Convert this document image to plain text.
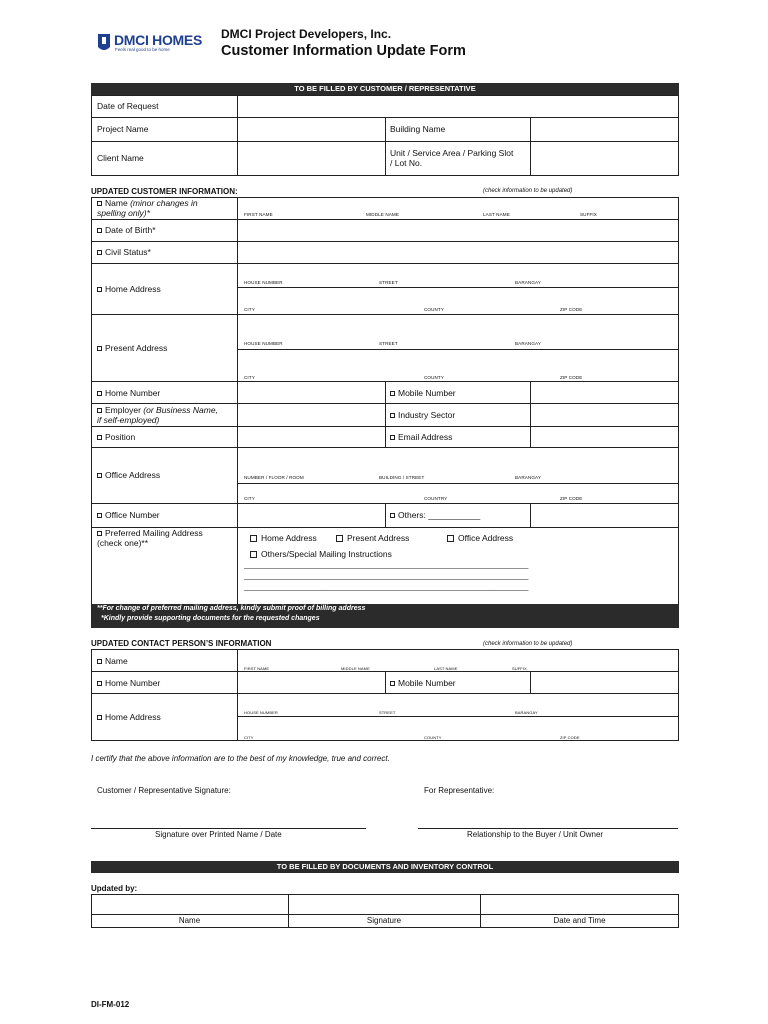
DMCI HOMES
Feels real good to be home
DMCI Project Developers, Inc.
Customer Information Update Form
TO BE FILLED BY CUSTOMER / REPRESENTATIVE
Date of Request
Project Name	Building Name
Client Name	Unit / Service Area / Parking Slot
/ Lot No.
UPDATED CUSTOMER INFORMATION:	(check information to be updated)
Name (minor changes in
spelling only)*	FIRST NAME	MIDDLE NAME	LAST NAME	SUFFIX
Date of Birth*
Civil Status*
Home Address
HOUSE NUMBER	STREET	BARANGAY
CITY	COUNTY	ZIP CODE
Present Address	HOUSE NUMBER	STREET	BARANGAY
CITY	COUNTY	ZIP CODE
Home Number	Mobile Number
Employer (or Business Name,
if self-employed)	Industry Sector
Position	Email Address
Office Address	NUMBER / FLOOR / ROOM	BUILDING / STREET	BARANGAY
CITY	COUNTRY	ZIP CODE
Office Number	Others: ___________
Preferred Mailing Address
(check one)**	Home Address	Present Address	Office Address
Others/Special Mailing Instructions
______________________________________________________________________________
______________________________________________________________________________
______________________________________________________________________________
**For change of preferred mailing address, kindly submit proof of billing address
*Kindly provide supporting documents for the requested changes
UPDATED CONTACT PERSON’S INFORMATION	(check information to be updated)
Name
FIRST NAME	MIDDLE NAME	LAST NAME	SUFFIX
Home Number	Mobile Number
Home Address	HOUSE NUMBER	STREET	BARANGAY
CITY	COUNTY	ZIP CODE
I certify that the above information are to the best of my knowledge, true and correct.
Customer / Representative Signature:	For Representative:
Signature over Printed Name / Date	Relationship to the Buyer / Unit Owner
TO BE FILLED BY DOCUMENTS AND INVENTORY CONTROL
Updated by:
Name	Signature	Date and Time
DI-FM-012
